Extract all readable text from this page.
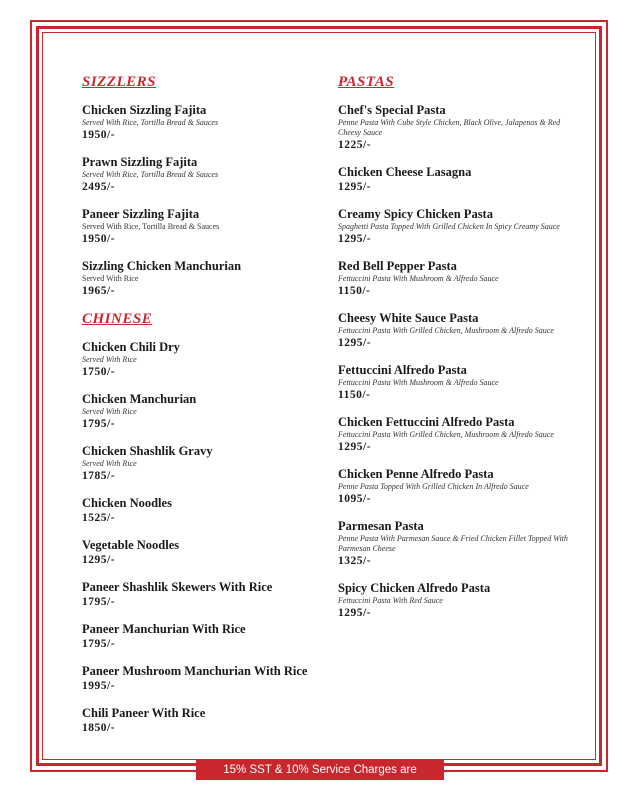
SIZZLERS
Chicken Sizzling Fajita
Served With Rice, Tortilla Bread & Sauces
1950/-
Prawn Sizzling Fajita
Served With Rice, Tortilla Bread & Sauces
2495/-
Paneer Sizzling Fajita
Served With Rice, Tortilla Bread & Sauces
1950/-
Sizzling Chicken Manchurian
Served With Rice
1965/-
CHINESE
Chicken Chili Dry
Served With Rice
1750/-
Chicken Manchurian
Served With Rice
1795/-
Chicken Shashlik Gravy
Served With Rice
1785/-
Chicken Noodles
1525/-
Vegetable Noodles
1295/-
Paneer Shashlik Skewers With Rice
1795/-
Paneer Manchurian With Rice
1795/-
Paneer Mushroom Manchurian With Rice
1995/-
Chili Paneer With Rice
1850/-
PASTAS
Chef's Special Pasta
Penne Pasta With Cube Style Chicken, Black Olive, Jalapenos & Red Cheesy Sauce
1225/-
Chicken Cheese Lasagna
1295/-
Creamy Spicy Chicken Pasta
Spaghetti Pasta Topped With Grilled Chicken In Spicy Creamy Sauce
1295/-
Red Bell Pepper Pasta
Fettuccini Pasta With Mushroom & Alfredo Sauce
1150/-
Cheesy White Sauce Pasta
Fettuccini Pasta With Grilled Chicken, Mushroom & Alfredo Sauce
1295/-
Fettuccini Alfredo Pasta
Fettuccini Pasta With Mushroom & Alfredo Sauce
1150/-
Chicken Fettuccini Alfredo Pasta
Fettuccini Pasta With Grilled Chicken, Mushroom & Alfredo Sauce
1295/-
Chicken Penne Alfredo Pasta
Penne Pasta Topped With Grilled Chicken In Alfredo Sauce
1095/-
Parmesan Pasta
Penne Pasta With Parmesan Sauce & Fried Chicken Fillet Topped With Parmesan Cheese
1325/-
Spicy Chicken Alfredo Pasta
Fettuccini Pasta With Red Sauce
1295/-
15% SST & 10% Service Charges are applicable.
